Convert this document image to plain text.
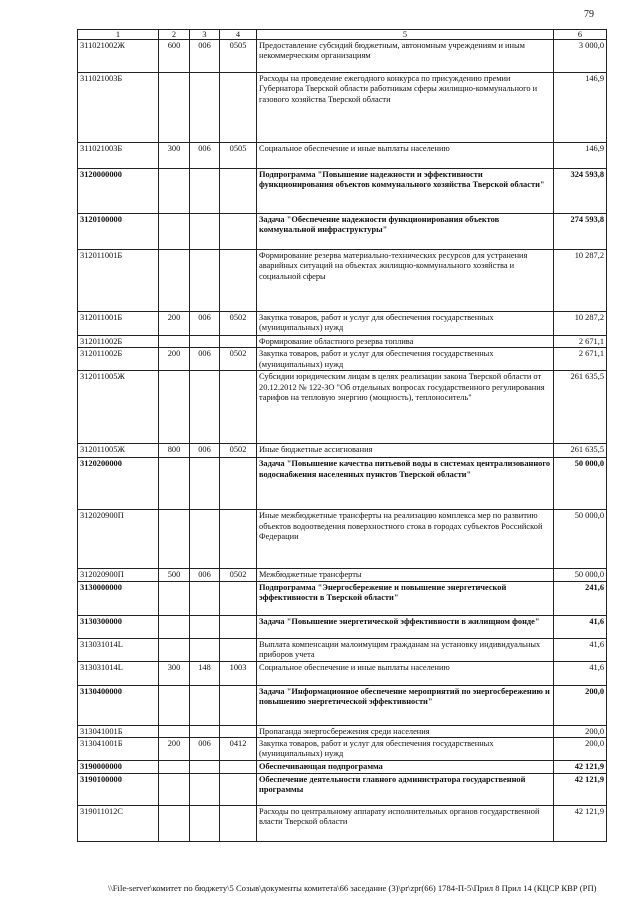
79
1	2	3	4	5	6
311021002Ж	600	006	0505	Предоставление субсидий бюджетным, автономным учреждениям и иным некоммерческим организациям	3 000,0
311021003Б				Расходы на проведение ежегодного конкурса по присуждению премии Губернатора Тверской области работникам сферы жилищно-коммунального и газового хозяйства Тверской области	146,9
311021003Б	300	006	0505	Социальное обеспечение и иные выплаты населению	146,9
3120000000				Подпрограмма "Повышение надежности и эффективности функционирования объектов коммунального хозяйства Тверской области"	324 593,8
3120100000				Задача "Обеспечение надежности функционирования объектов коммунальной инфраструктуры"	274 593,8
312011001Б				Формирование резерва материально-технических ресурсов для устранения аварийных ситуаций на объектах жилищно-коммунального хозяйства и социальной сферы	10 287,2
312011001Б	200	006	0502	Закупка товаров, работ и услуг для обеспечения государственных (муниципальных) нужд	10 287,2
312011002Б				Формирование областного резерва топлива	2 671,1
312011002Б	200	006	0502	Закупка товаров, работ и услуг для обеспечения государственных (муниципальных) нужд	2 671,1
312011005Ж				Субсидии юридическим лицам в целях реализации закона Тверской области от 20.12.2012 № 122-ЗО "Об отдельных вопросах государственного регулирования тарифов на тепловую энергию (мощность), теплоноситель"	261 635,5
312011005Ж	800	006	0502	Иные бюджетные ассигнования	261 635,5
3120200000				Задача "Повышение качества питьевой воды в системах централизованного водоснабжения населенных пунктов Тверской области"	50 000,0
312020900П				Иные межбюджетные трансферты на реализацию комплекса мер по развитию объектов водоотведения поверхностного стока в городах субъектов Российской Федерации	50 000,0
312020900П	500	006	0502	Межбюджетные трансферты	50 000,0
3130000000				Подпрограмма "Энергосбережение и повышение энергетической эффективности в Тверской области"	241,6
3130300000				Задача "Повышение энергетической эффективности в жилищном фонде"	41,6
313031014L				Выплата компенсации малоимущим гражданам на установку индивидуальных приборов учета	41,6
313031014L	300	148	1003	Социальное обеспечение и иные выплаты населению	41,6
3130400000				Задача "Информационное обеспечение мероприятий по энергосбережению и повышению энергетической эффективности"	200,0
313041001Б				Пропаганда энергосбережения среди населения	200,0
313041001Б	200	006	0412	Закупка товаров, работ и услуг для обеспечения государственных (муниципальных) нужд	200,0
3190000000				Обеспечивающая подпрограмма	42 121,9
3190100000				Обеспечение деятельности главного администратора государственной программы	42 121,9
319011012С				Расходы по центральному аппарату исполнительных органов государственной власти Тверской области	42 121,9
\\File-server\комитет по бюджету\5 Созыв\документы комитета\66 заседание (3)\pr\zpr(66) 1784-П-5\Прил 8 Прил 14 (КЦСР КВР (РП)
